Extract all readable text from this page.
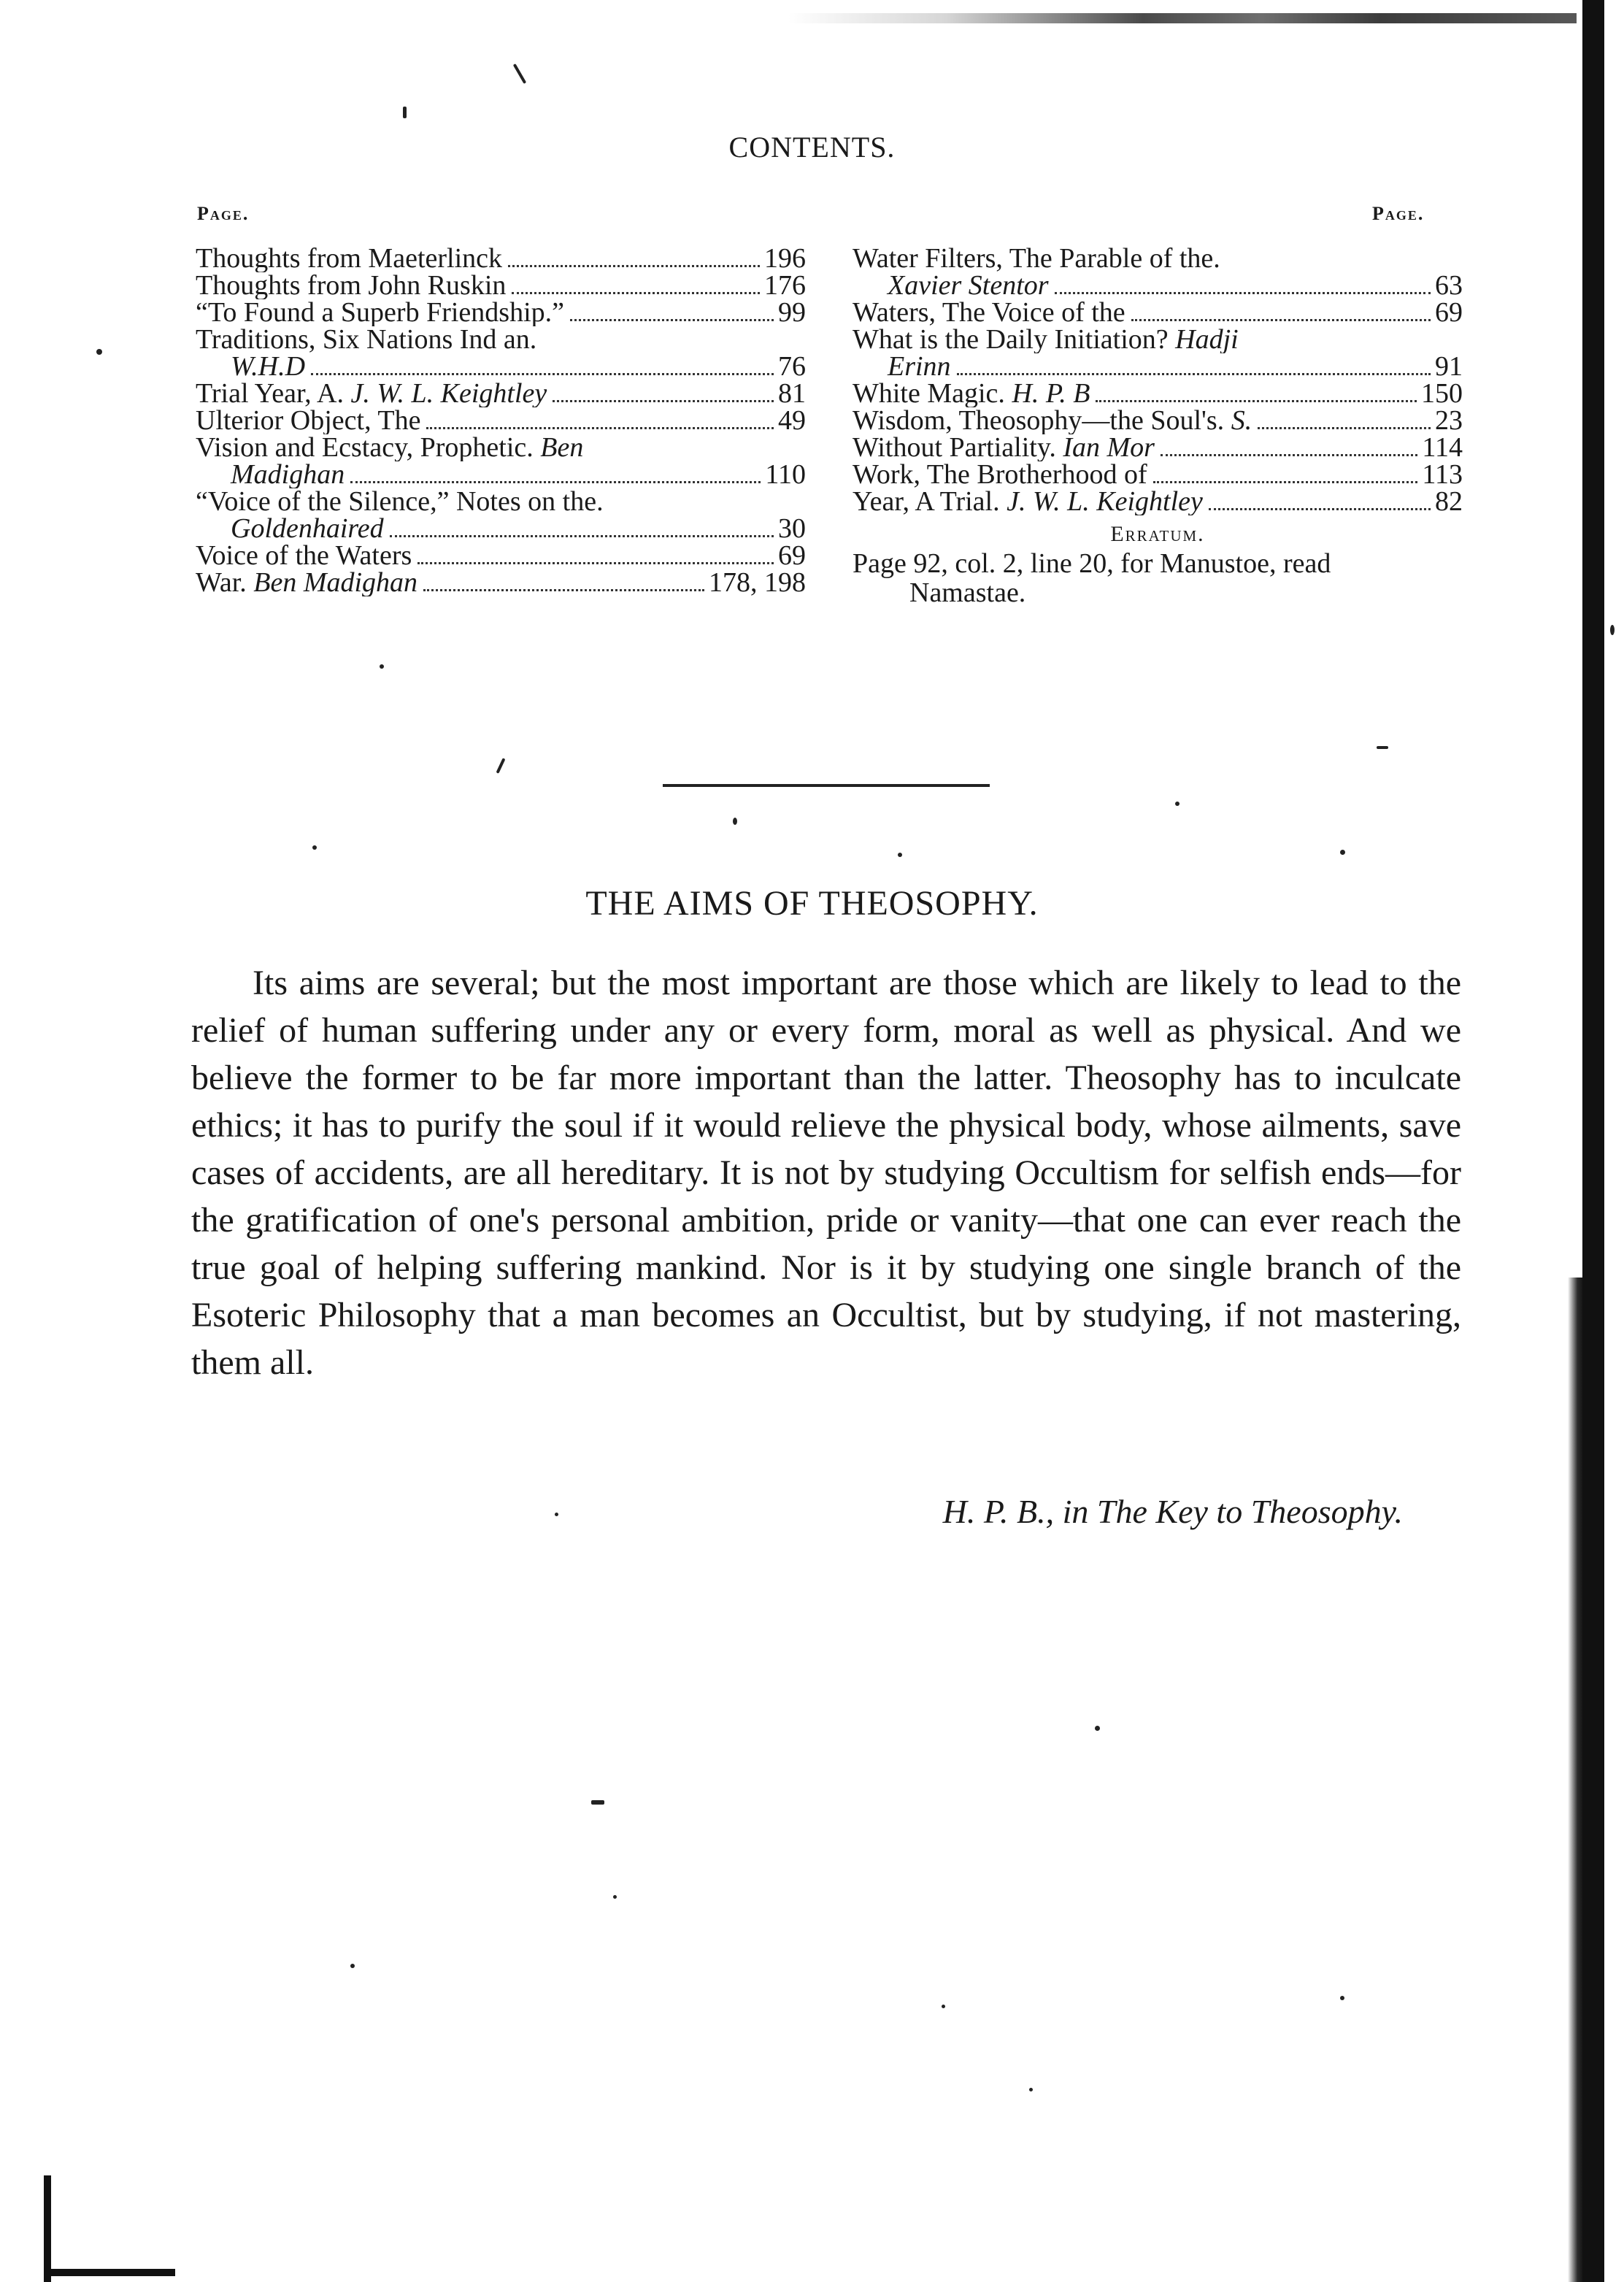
CONTENTS.
Page.	Page.
Thoughts from Maeterlinck	196
Thoughts from John Ruskin	176
“To Found a Superb Friendship.”	99
Traditions, Six Nations Ind an.
W.H.D	76
Trial Year, A. J. W. L. Keightley	81
Ulterior Object, The	49
Vision and Ecstacy, Prophetic. Ben
Madighan	110
“Voice of the Silence,” Notes on the.
Goldenhaired	30
Voice of the Waters	69
War. Ben Madighan	178, 198
Water Filters, The Parable of the.
Xavier Stentor	63
Waters, The Voice of the	69
What is the Daily Initiation? Hadji
Erinn	91
White Magic. H. P. B	150
Wisdom, Theosophy—the Soul's. S.	23
Without Partiality. Ian Mor	114
Work, The Brotherhood of	113
Year, A Trial. J. W. L. Keightley	82
Erratum.
Page 92, col. 2, line 20, for Manustoe, read
Namastae.
THE AIMS OF THEOSOPHY.
Its aims are several; but the most important are those which are likely to lead to the relief of human suffering under any or every form, moral as well as physical. And we believe the former to be far more important than the latter. Theosophy has to inculcate ethics; it has to purify the soul if it would relieve the physical body, whose ailments, save cases of accidents, are all hereditary. It is not by studying Occultism for selfish ends—for the gratification of one's personal ambition, pride or vanity—that one can ever reach the true goal of helping suffering mankind. Nor is it by studying one single branch of the Esoteric Philosophy that a man becomes an Occultist, but by studying, if not mastering, them all.
H. P. B., in The Key to Theosophy.
